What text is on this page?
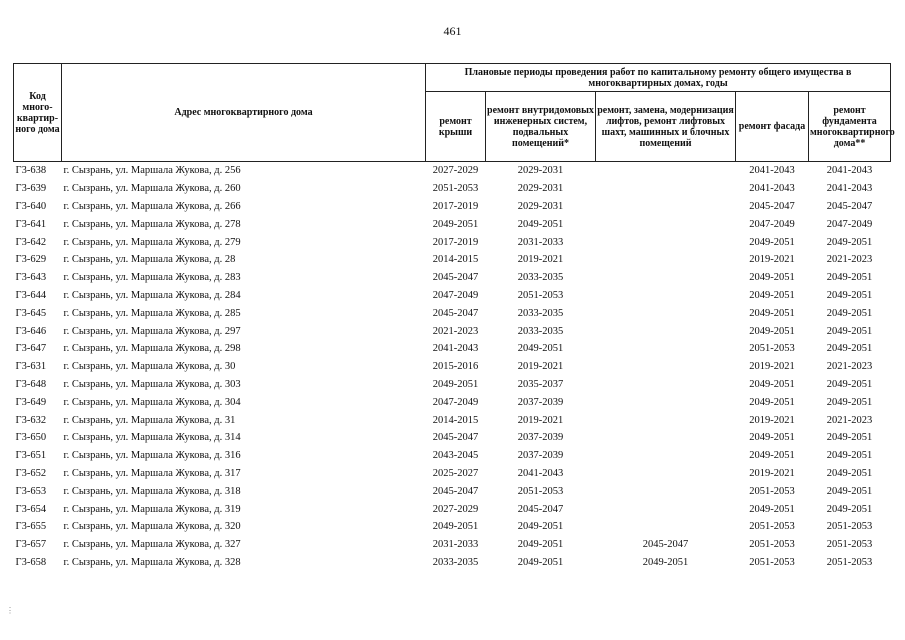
461
Код много-квартир-ного дома	Адрес многоквартирного дома	Плановые периоды проведения работ по капитальному ремонту общего имущества в многоквартирных домах, годы				
		ремонт крыши	ремонт внутридомовых инженерных систем, подвальных помещений*	ремонт, замена, модернизация лифтов, ремонт лифтовых шахт, машинных и блочных помещений	ремонт фасада	ремонт фундамента многоквартирного дома**
Г3-638	г. Сызрань, ул. Маршала Жукова, д. 256	2027-2029	2029-2031		2041-2043	2041-2043
Г3-639	г. Сызрань, ул. Маршала Жукова, д. 260	2051-2053	2029-2031		2041-2043	2041-2043
Г3-640	г. Сызрань, ул. Маршала Жукова, д. 266	2017-2019	2029-2031		2045-2047	2045-2047
Г3-641	г. Сызрань, ул. Маршала Жукова, д. 278	2049-2051	2049-2051		2047-2049	2047-2049
Г3-642	г. Сызрань, ул. Маршала Жукова, д. 279	2017-2019	2031-2033		2049-2051	2049-2051
Г3-629	г. Сызрань, ул. Маршала Жукова, д. 28	2014-2015	2019-2021		2019-2021	2021-2023
Г3-643	г. Сызрань, ул. Маршала Жукова, д. 283	2045-2047	2033-2035		2049-2051	2049-2051
Г3-644	г. Сызрань, ул. Маршала Жукова, д. 284	2047-2049	2051-2053		2049-2051	2049-2051
Г3-645	г. Сызрань, ул. Маршала Жукова, д. 285	2045-2047	2033-2035		2049-2051	2049-2051
Г3-646	г. Сызрань, ул. Маршала Жукова, д. 297	2021-2023	2033-2035		2049-2051	2049-2051
Г3-647	г. Сызрань, ул. Маршала Жукова, д. 298	2041-2043	2049-2051		2051-2053	2049-2051
Г3-631	г. Сызрань, ул. Маршала Жукова, д. 30	2015-2016	2019-2021		2019-2021	2021-2023
Г3-648	г. Сызрань, ул. Маршала Жукова, д. 303	2049-2051	2035-2037		2049-2051	2049-2051
Г3-649	г. Сызрань, ул. Маршала Жукова, д. 304	2047-2049	2037-2039		2049-2051	2049-2051
Г3-632	г. Сызрань, ул. Маршала Жукова, д. 31	2014-2015	2019-2021		2019-2021	2021-2023
Г3-650	г. Сызрань, ул. Маршала Жукова, д. 314	2045-2047	2037-2039		2049-2051	2049-2051
Г3-651	г. Сызрань, ул. Маршала Жукова, д. 316	2043-2045	2037-2039		2049-2051	2049-2051
Г3-652	г. Сызрань, ул. Маршала Жукова, д. 317	2025-2027	2041-2043		2019-2021	2049-2051
Г3-653	г. Сызрань, ул. Маршала Жукова, д. 318	2045-2047	2051-2053		2051-2053	2049-2051
Г3-654	г. Сызрань, ул. Маршала Жукова, д. 319	2027-2029	2045-2047		2049-2051	2049-2051
Г3-655	г. Сызрань, ул. Маршала Жукова, д. 320	2049-2051	2049-2051		2051-2053	2051-2053
Г3-657	г. Сызрань, ул. Маршала Жукова, д. 327	2031-2033	2049-2051	2045-2047	2051-2053	2051-2053
Г3-658	г. Сызрань, ул. Маршала Жукова, д. 328	2033-2035	2049-2051	2049-2051	2051-2053	2051-2053
⋮
